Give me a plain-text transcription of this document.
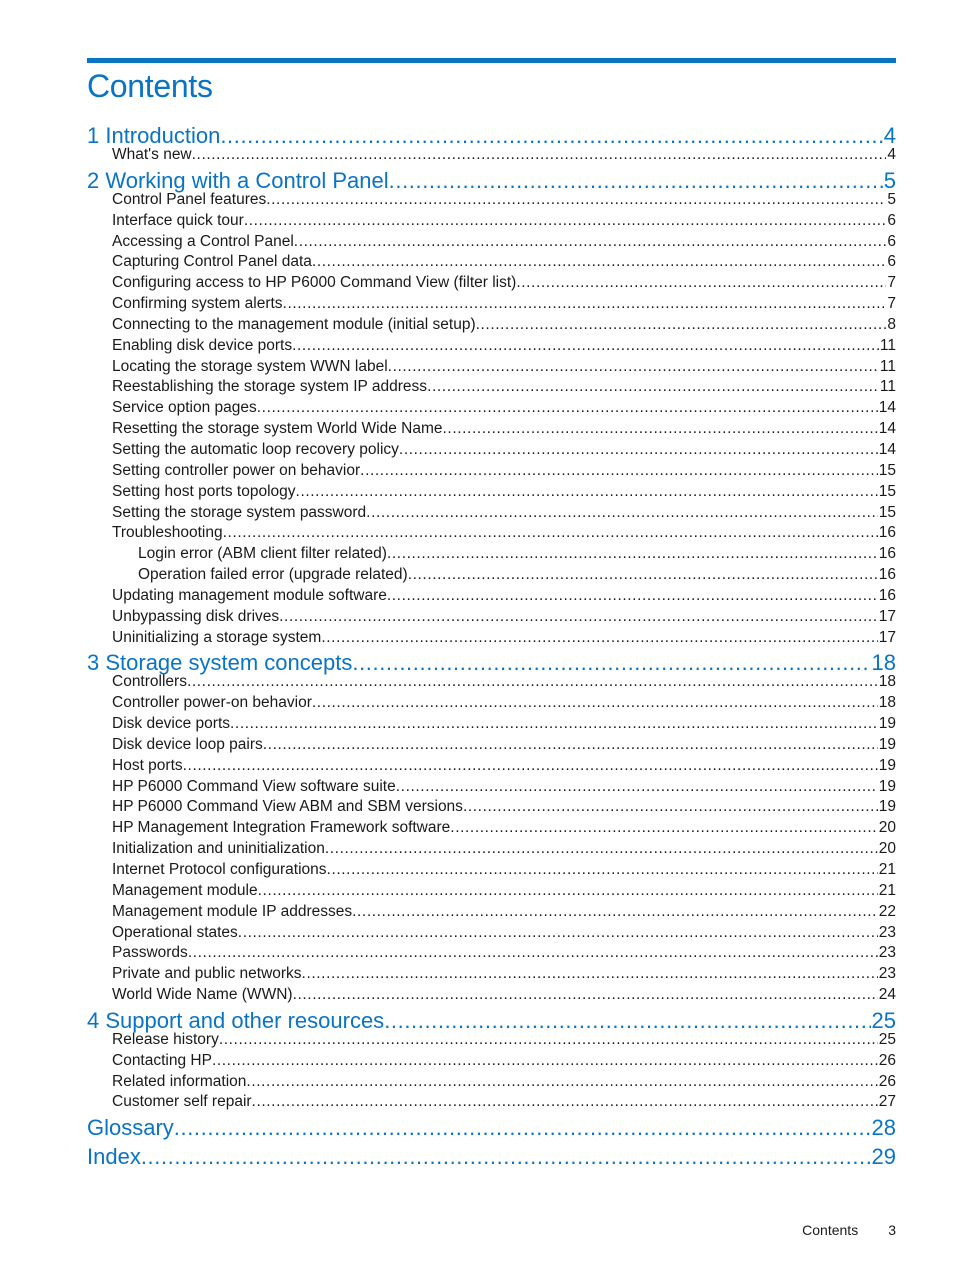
Contents
1 Introduction .....	4
What's new .....	4
2 Working with a Control Panel .....	5
Control Panel features .....	5
Interface quick tour .....	6
Accessing a Control Panel .....	6
Capturing Control Panel data .....	6
Configuring access to HP P6000 Command View (filter list) .....	7
Confirming system alerts .....	7
Connecting to the management module (initial setup) .....	8
Enabling disk device ports .....	11
Locating the storage system WWN label .....	11
Reestablishing the storage system IP address .....	11
Service option pages .....	14
Resetting the storage system World Wide Name .....	14
Setting the automatic loop recovery policy .....	14
Setting controller power on behavior .....	15
Setting host ports topology .....	15
Setting the storage system password .....	15
Troubleshooting .....	16
Login error (ABM client filter related) .....	16
Operation failed error (upgrade related) .....	16
Updating management module software .....	16
Unbypassing disk drives .....	17
Uninitializing a storage system .....	17
3 Storage system concepts .....	18
Controllers .....	18
Controller power-on behavior .....	18
Disk device ports .....	19
Disk device loop pairs .....	19
Host ports .....	19
HP P6000 Command View software suite .....	19
HP P6000 Command View ABM and SBM versions .....	19
HP Management Integration Framework software .....	20
Initialization and uninitialization .....	20
Internet Protocol configurations .....	21
Management module .....	21
Management module IP addresses .....	22
Operational states .....	23
Passwords .....	23
Private and public networks .....	23
World Wide Name (WWN) .....	24
4 Support and other resources .....	25
Release history .....	25
Contacting HP .....	26
Related information .....	26
Customer self repair .....	27
Glossary .....	28
Index .....	29
Contents 3
